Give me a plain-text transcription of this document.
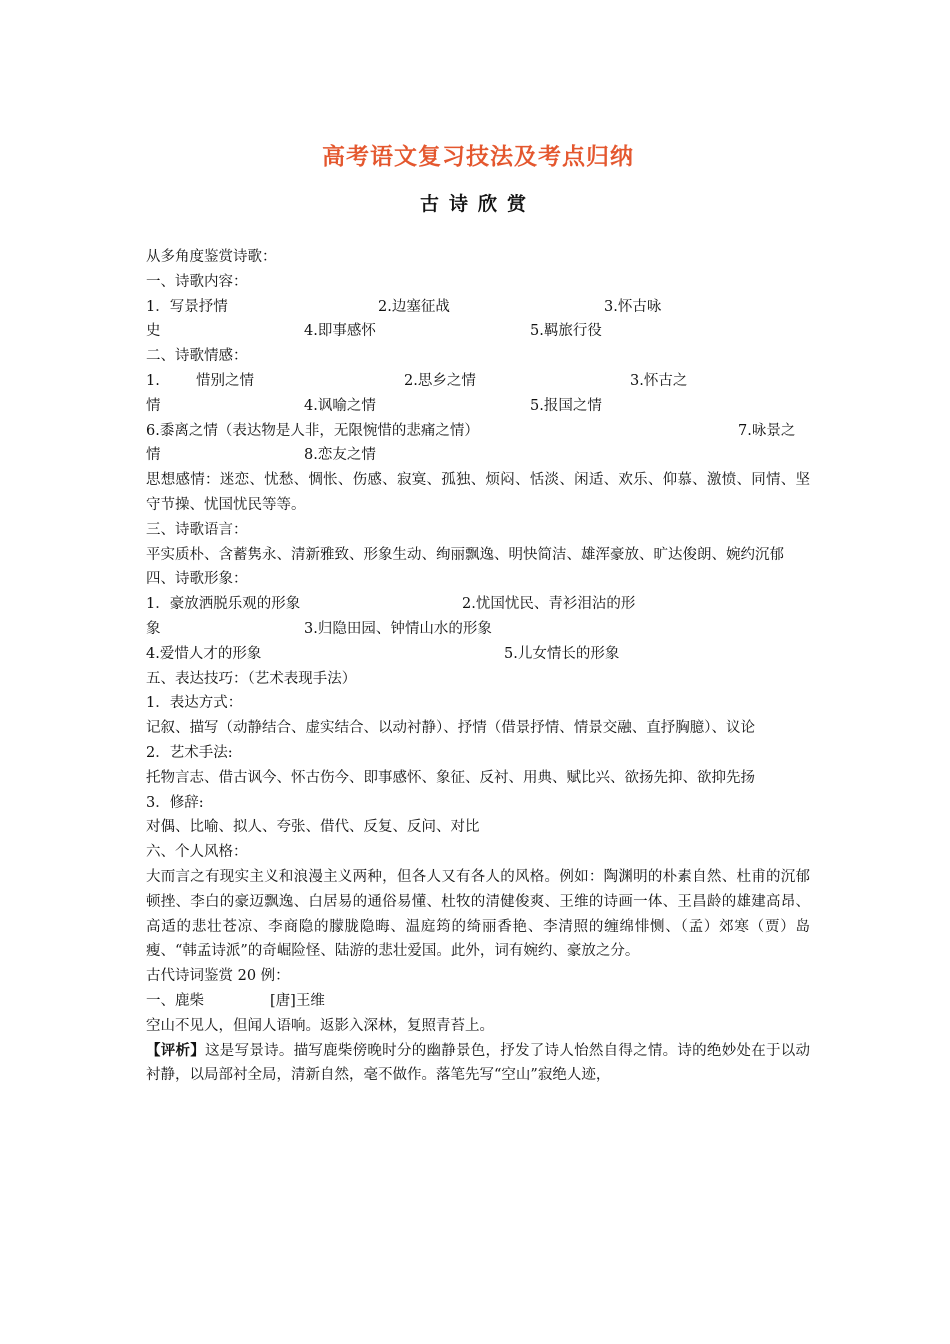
高考语文复习技法及考点归纳
古诗欣赏
从多角度鉴赏诗歌：
一、诗歌内容：
1．写景抒情	2.边塞征战	3.怀古咏
史	4.即事感怀	5.羁旅行役
二、诗歌情感：
1. 惜别之情	2.思乡之情	3.怀古之
情	4.讽喻之情	5.报国之情
6.黍离之情（表达物是人非，无限惋惜的悲痛之情）	7.咏景之
情	8.恋友之情
思想感情：迷恋、忧愁、惆怅、伤感、寂寞、孤独、烦闷、恬淡、闲适、欢乐、仰慕、激愤、同情、坚守节操、忧国忧民等等。
三、诗歌语言：
平实质朴、含蓄隽永、清新雅致、形象生动、绚丽飘逸、明快简洁、雄浑豪放、旷达俊朗、婉约沉郁
四、诗歌形象：
1．豪放洒脱乐观的形象	2.忧国忧民、青衫泪沾的形
象	3.归隐田园、钟情山水的形象
4.爱惜人才的形象	5.儿女情长的形象
五、表达技巧：（艺术表现手法）
1．表达方式：
记叙、描写（动静结合、虚实结合、以动衬静）、抒情（借景抒情、情景交融、直抒胸臆）、议论
2．艺术手法:
托物言志、借古讽今、怀古伤今、即事感怀、象征、反衬、用典、赋比兴、欲扬先抑、欲抑先扬
3．修辞:
对偶、比喻、拟人、夸张、借代、反复、反问、对比
六、个人风格：
大而言之有现实主义和浪漫主义两种，但各人又有各人的风格。例如：陶渊明的朴素自然、杜甫的沉郁顿挫、李白的豪迈飘逸、白居易的通俗易懂、杜牧的清健俊爽、王维的诗画一体、王昌龄的雄建高昂、高适的悲壮苍凉、李商隐的朦胧隐晦、温庭筠的绮丽香艳、李清照的缠绵悱恻、（孟）郊寒（贾）岛瘦、“韩孟诗派”的奇崛险怪、陆游的悲壮爱国。此外，词有婉约、豪放之分。
古代诗词鉴赏 20 例：
一、鹿柴	[唐]王维
空山不见人，但闻人语响。返影入深林，复照青苔上。
【评析】这是写景诗。描写鹿柴傍晚时分的幽静景色，抒发了诗人怡然自得之情。诗的绝妙处在于以动衬静，以局部衬全局，清新自然，毫不做作。落笔先写“空山”寂绝人迹，
